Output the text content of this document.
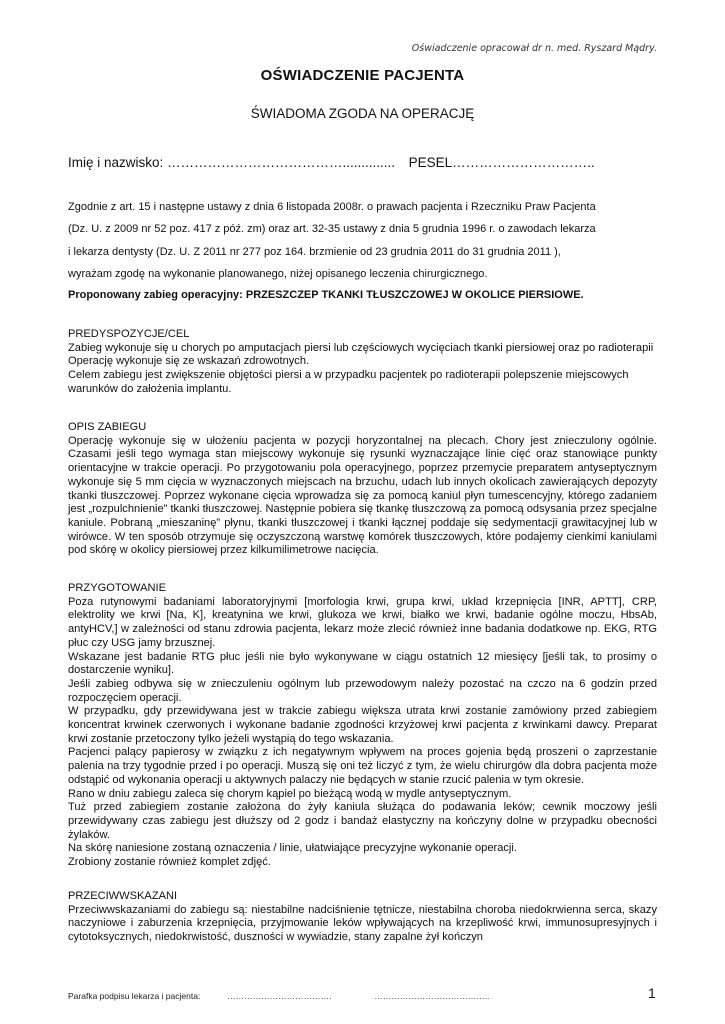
Oświadczenie opracował dr n. med. Ryszard Mądry.
OŚWIADCZENIE PACJENTA
ŚWIADOMA ZGODA NA OPERACJĘ
Imię i nazwisko: ………………………………….............. PESEL…………………………..

Zgodnie z art. 15 i następne ustawy z dnia 6 listopada 2008r. o prawach pacjenta i Rzeczniku Praw Pacjenta

(Dz. U. z 2009 nr 52 poz. 417 z póź. zm) oraz art. 32-35 ustawy z dnia 5 grudnia 1996 r. o zawodach lekarza

i lekarza dentysty (Dz. U. Z 2011 nr 277 poz 164. brzmienie od 23 grudnia 2011 do 31 grudnia 2011 ),

wyrażam zgodę na wykonanie planowanego, niżej opisanego leczenia chirurgicznego.

Proponowany zabieg operacyjny: PRZESZCZEP TKANKI TŁUSZCZOWEJ W OKOLICE PIERSIOWE.
PREDYSPOZYCJE/CEL

Zabieg wykonuje się u chorych po amputacjach piersi lub częściowych wycięciach tkanki piersiowej oraz po radioterapii

Operację wykonuje się ze wskazań zdrowotnych.

Celem zabiegu jest zwiększenie objętości piersi a w przypadku pacjentek po radioterapii polepszenie miejscowych warunków do założenia implantu.

OPIS ZABIEGU

Operację wykonuje się w ułożeniu pacjenta w pozycji horyzontalnej na plecach. Chory jest znieczulony ogólnie. Czasami jeśli tego wymaga stan miejscowy wykonuje się rysunki wyznaczające linie cięć oraz stanowiące punkty orientacyjne w trakcie operacji. Po przygotowaniu pola operacyjnego, poprzez przemycie preparatem antyseptycznym wykonuje się 5 mm cięcia w wyznaczonych miejscach na brzuchu, udach lub innych okolicach zawierających depozyty tkanki tłuszczowej. Poprzez wykonane cięcia wprowadza się za pomocą kaniul płyn tumescencyjny, którego zadaniem jest „rozpulchnienie” tkanki tłuszczowej. Następnie pobiera się tkankę tłuszczową za pomocą odsysania przez specjalne kaniule. Pobraną „mieszaninę” płynu, tkanki tłuszczowej i tkanki łącznej poddaje się sedymentacji grawitacyjnej lub w wirówce. W ten sposób otrzymuje się oczyszczoną warstwę komórek tłuszczowych, które podajemy cienkimi kaniulami pod skórę w okolicy piersiowej przez kilkumilimetrowe nacięcia.

PRZYGOTOWANIE

Poza rutynowymi badaniami laboratoryjnymi [morfologia krwi, grupa krwi, układ krzepnięcia [INR, APTT], CRP, elektrolity we krwi [Na, K], kreatynina we krwi, glukoza we krwi, białko we krwi, badanie ogólne moczu, HbsAb, antyHCV,] w zależności od stanu zdrowia pacjenta, lekarz może zlecić również inne badania dodatkowe np. EKG, RTG płuc czy USG jamy brzusznej.

Wskazane jest badanie RTG płuc jeśli nie było wykonywane w ciągu ostatnich 12 miesięcy [jeśli tak, to prosimy o dostarczenie wyniku].

Jeśli zabieg odbywa się w znieczuleniu ogólnym lub przewodowym należy pozostać na czczo na 6 godzin przed rozpoczęciem operacji.

W przypadku, gdy przewidywana jest w trakcie zabiegu większa utrata krwi zostanie zamówiony przed zabiegiem koncentrat krwinek czerwonych i wykonane badanie zgodności krzyżowej krwi pacjenta z krwinkami dawcy. Preparat krwi zostanie przetoczony tylko jeżeli wystąpią do tego wskazania.

Pacjenci palący papierosy w związku z ich negatywnym wpływem na proces gojenia będą proszeni o zaprzestanie palenia na trzy tygodnie przed i po operacji. Muszą się oni też liczyć z tym, że wielu chirurgów dla dobra pacjenta może odstąpić od wykonania operacji u aktywnych palaczy nie będących w stanie rzucić palenia w tym okresie.

Rano w dniu zabiegu zaleca się chorym kąpiel po bieżącą wodą w mydle antyseptycznym.

Tuż przed zabiegiem zostanie założona do żyły kaniula służąca do podawania leków; cewnik moczowy jeśli przewidywany czas zabiegu jest dłuższy od 2 godz i bandaż elastyczny na kończyny dolne w przypadku obecności żylaków.

Na skórę naniesione zostaną oznaczenia / linie, ułatwiające precyzyjne wykonanie operacji.

Zrobiony zostanie również komplet zdjęć.

PRZECIWWSKAZANI

Przeciwwskazaniami do zabiegu są: niestabilne nadciśnienie tętnicze, niestabilna choroba niedokrwienna serca, skazy naczyniowe i zaburzenia krzepnięcia, przyjmowanie leków wpływających na krzepliwość krwi, immunosupresyjnych i cytotoksycznych, niedokrwistość, duszności w wywiadzie, stany zapalne żył kończyn

Parafka podpisu lekarza i pacjenta:	……………………………….	…………………………………..	1
